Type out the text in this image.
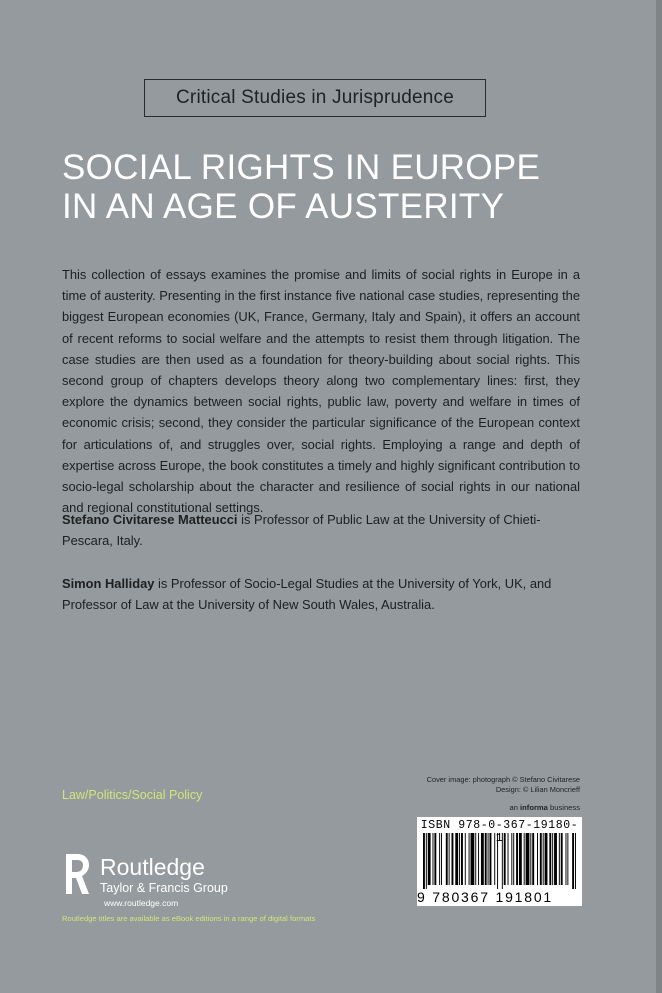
Critical Studies in Jurisprudence
SOCIAL RIGHTS IN EUROPE
IN AN AGE OF AUSTERITY
This collection of essays examines the promise and limits of social rights in Europe in a time of austerity. Presenting in the first instance five national case studies, representing the biggest European economies (UK, France, Germany, Italy and Spain), it offers an account of recent reforms to social welfare and the attempts to resist them through litigation. The case studies are then used as a foundation for theory-building about social rights. This second group of chapters develops theory along two complementary lines: first, they explore the dynamics between social rights, public law, poverty and welfare in times of economic crisis; second, they consider the particular significance of the European context for articulations of, and struggles over, social rights. Employing a range and depth of expertise across Europe, the book constitutes a timely and highly significant contribution to socio-legal scholarship about the character and resilience of social rights in our national and regional constitutional settings.
Stefano Civitarese Matteucci is Professor of Public Law at the University of Chieti-Pescara, Italy.
Simon Halliday is Professor of Socio-Legal Studies at the University of York, UK, and Professor of Law at the University of New South Wales, Australia.
Law/Politics/Social Policy
Cover image: photograph © Stefano Civitarese
Design: © Lilian Moncrieff
an informa business
ISBN 978-0-367-19180-1
9 780367 191801
Routledge
Taylor & Francis Group
www.routledge.com
Routledge titles are available as eBook editions in a range of digital formats
